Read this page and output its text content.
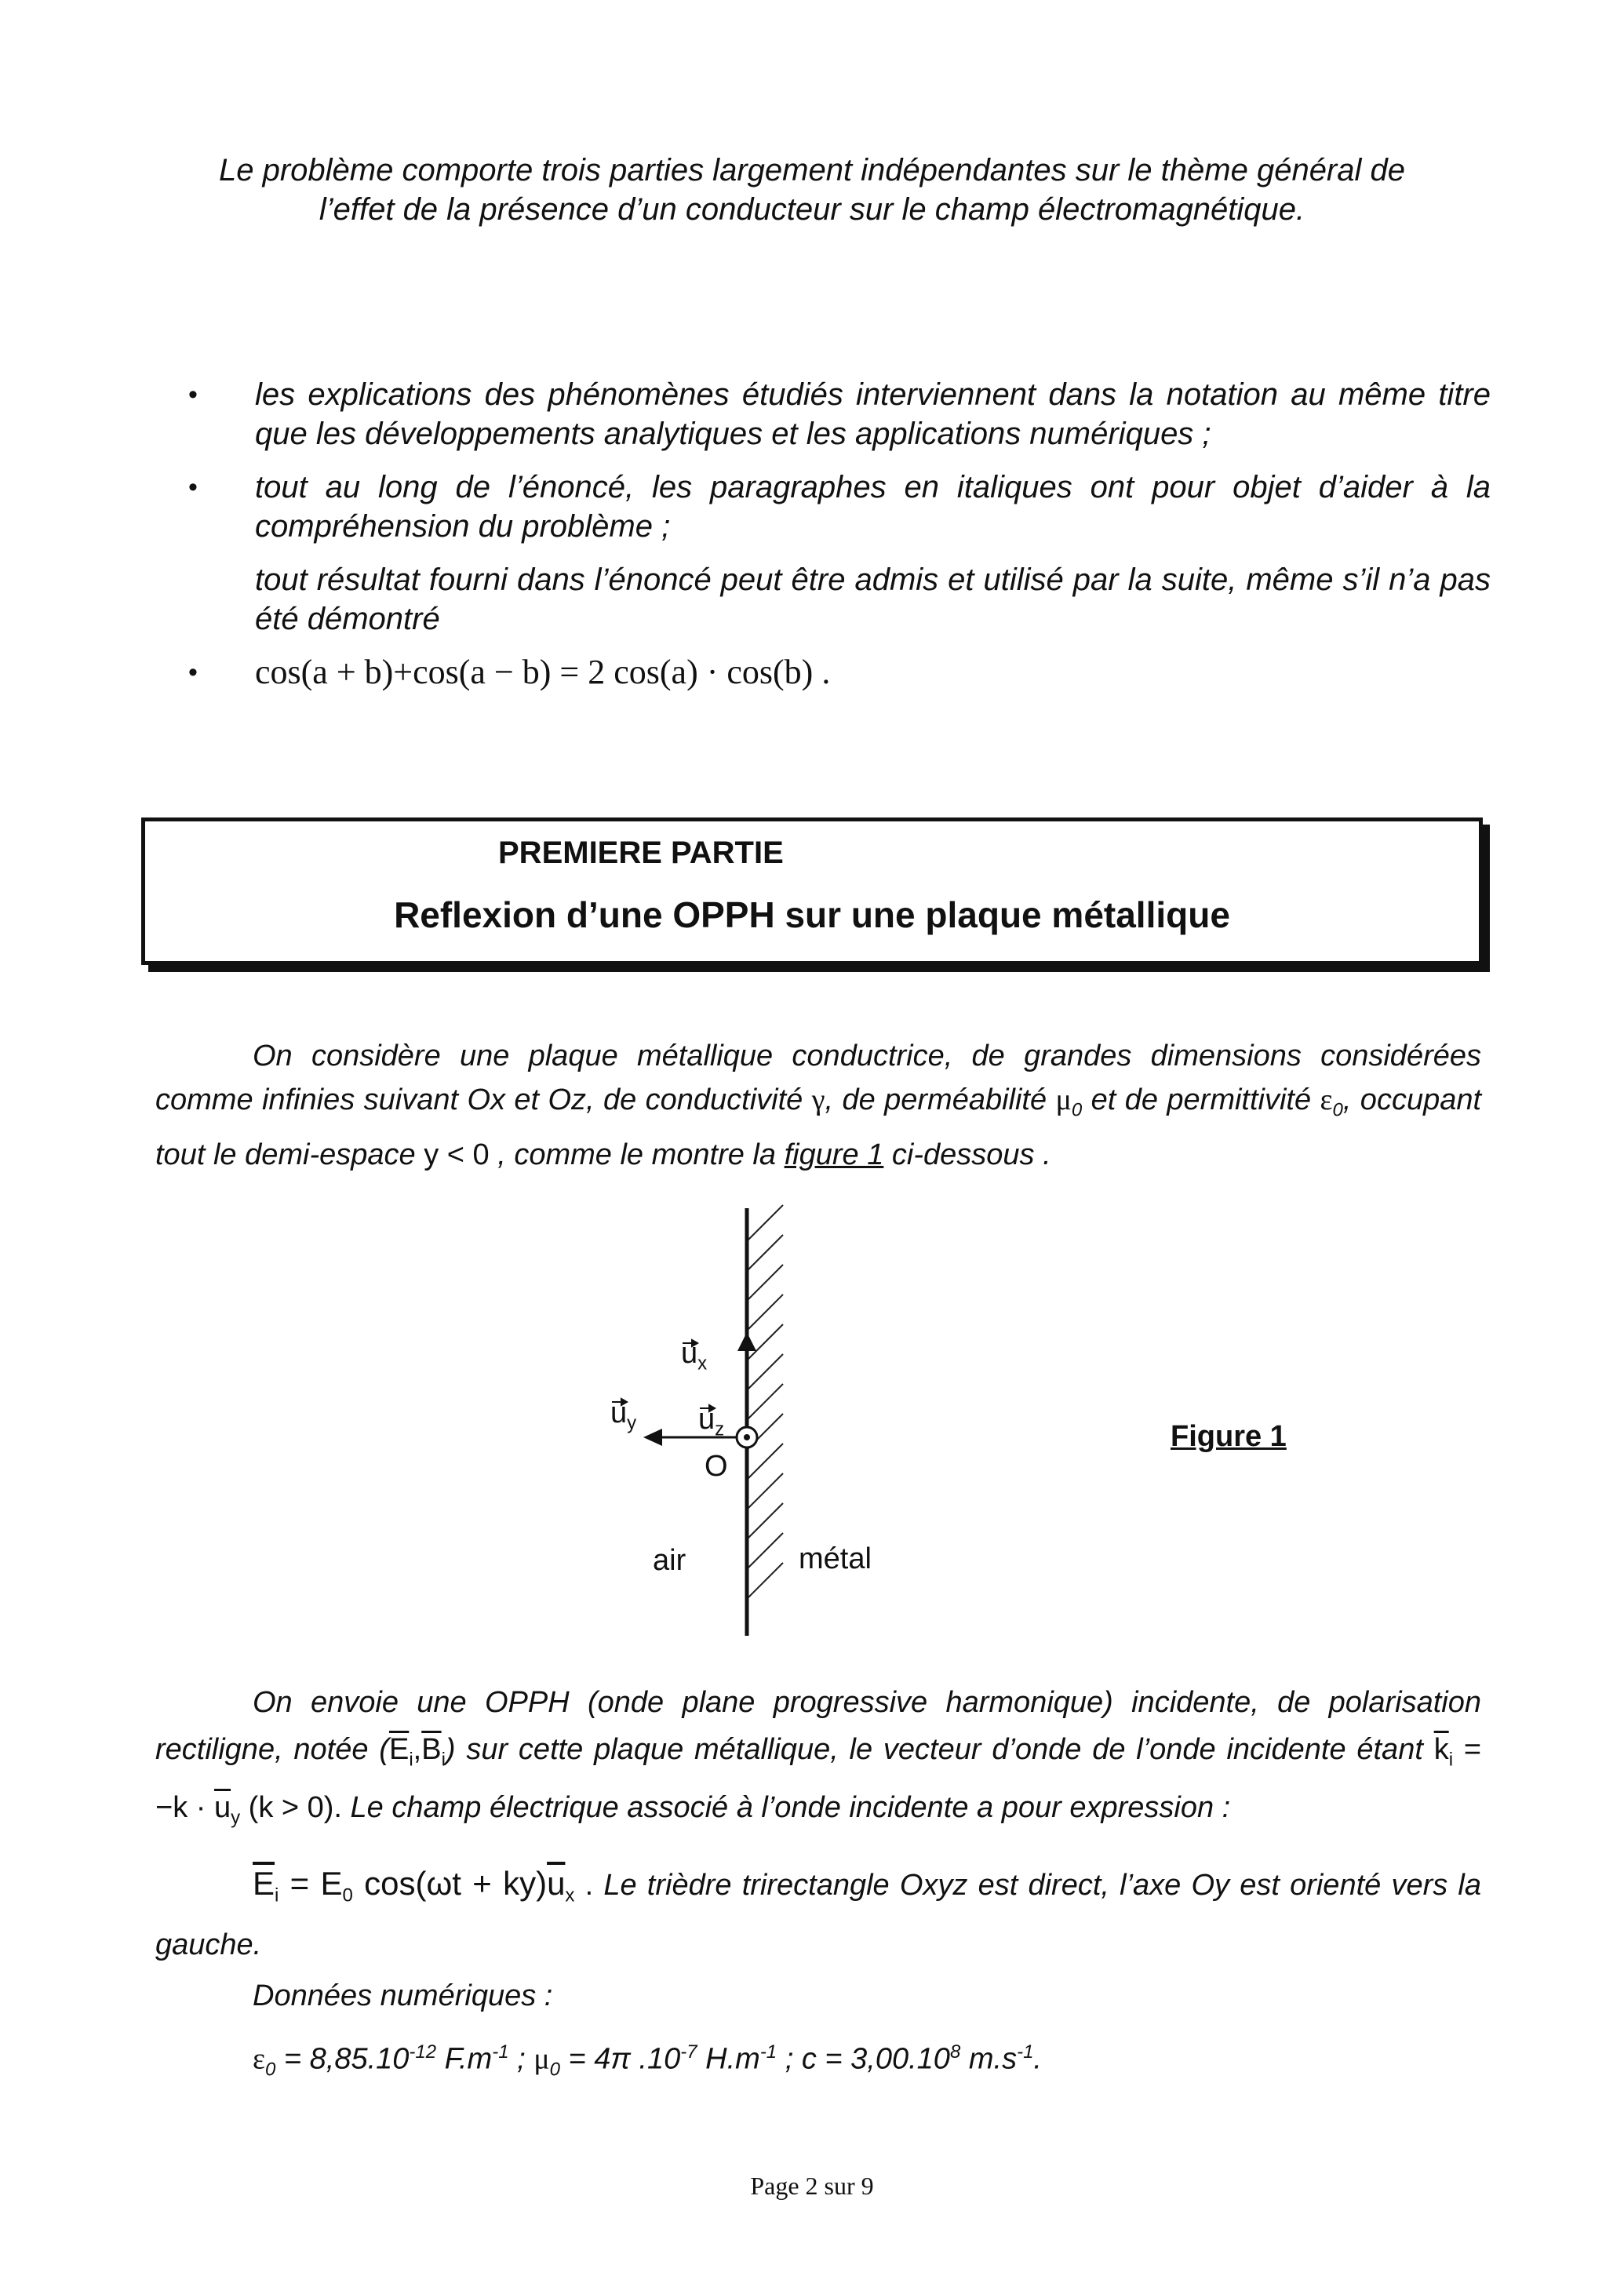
Le problème comporte trois parties largement indépendantes sur le thème général de
l’effet de la présence d’un conducteur sur le champ électromagnétique.
• les explications des phénomènes étudiés interviennent dans la notation au même titre que les développements analytiques et les applications numériques ;
• tout au long de l’énoncé, les paragraphes en italiques ont pour objet d’aider à la compréhension du problème ;
tout résultat fourni dans l’énoncé peut être admis et utilisé par la suite, même s’il n’a pas été démontré
• cos(a + b)+cos(a − b) = 2 cos(a) · cos(b) .
PREMIERE PARTIE
Reflexion d’une OPPH sur une plaque métallique
On considère une plaque métallique conductrice, de grandes dimensions considérées comme infinies suivant Ox et Oz, de conductivité γ, de perméabilité $\mu_0$ et de permittivité $\varepsilon_0$, occupant tout le demi-espace y < 0 , comme le montre la figure 1 ci-dessous .
$u_x$
$u_y$ $u_z$
O
air	métal
Figure 1
On envoie une OPPH (onde plane progressive harmonique) incidente, de polarisation rectiligne, notée $(\overline{E}_i,\overline{B}_i)$ sur cette plaque métallique, le vecteur d’onde de l’onde incidente étant $\overline{k}_i = -k \cdot \overline{u}_y$ (k > 0). Le champ électrique associé à l’onde incidente a pour expression :
$\overline{E}_i = E_0$ $\cos(\omega t + ky)\overline{u}_x$ . Le trièdre trirectangle Oxyz est direct, l’axe Oy est orienté vers la gauche.
Données numériques :
$\varepsilon_0 = 8,85.10^{-12}$ $F.m^{-1}$ ; $\mu_0 = 4\pi$ $.10^{-7}$ $H.m^{-1}$ ; $c = 3,00.10^8$ $m.s^{-1}$.
Page 2 sur 9
